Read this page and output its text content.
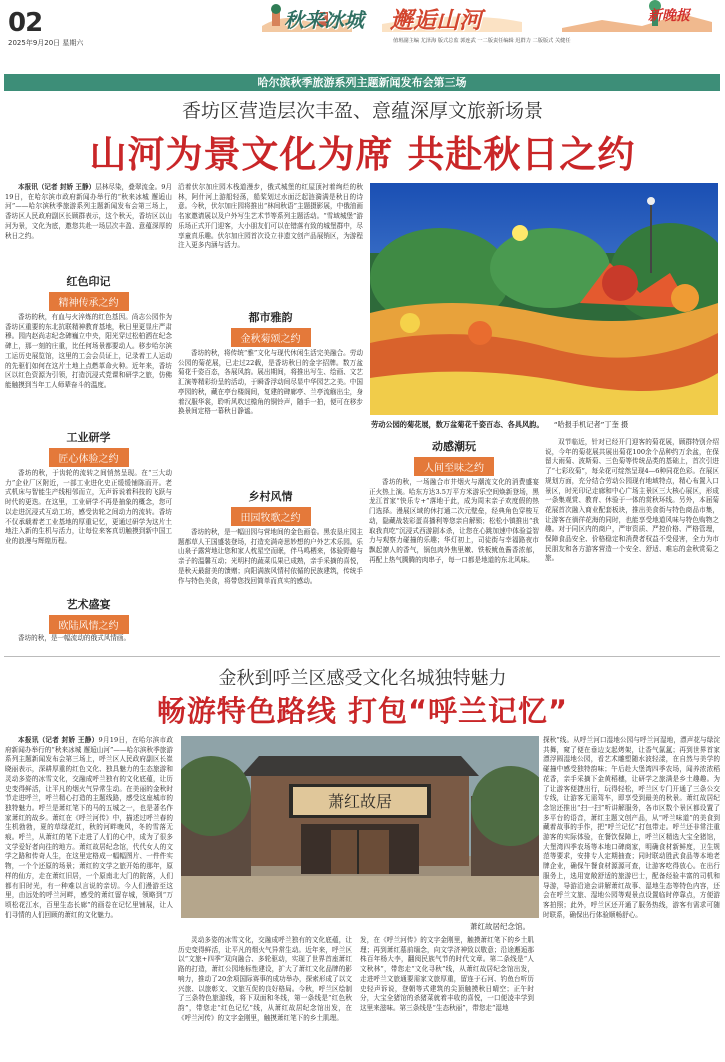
02
2025年9月20日 星期六
秋来冰城 邂逅山河	新晚报
值班副主编 尤泽海 版式总监 郭连武 一二版责任编辑 迟群力 二版版式 关健任
哈尔滨秋季旅游系列主题新闻发布会第三场
香坊区营造层次丰盈、意蕴深厚文旅新场景
山河为景文化为席 共赴秋日之约

本报讯（记者 封娇 王静）层林尽染，叠翠流金。9月19日，在哈尔滨市政府新闻办举行的“秋来冰城 邂逅山河”——哈尔滨秋季旅游系列主题新闻发布会第三场上，香坊区人民政府副区长顾群表示，这个秋天，香坊区以山河为景，文化为底，邀您共赴一场层次丰盈、意蕴深厚的秋日之约。

红色印记
精神传承之约
香坊的秋，有血与火淬炼的红色基因。尚志公园作为香坊区重要的东北抗联精神教育基地，秋日里更显庄严肃穆。园内赵尚志纪念碑巍立中央，阳光穿过松柏洒在纪念碑上，那一刻的庄重，比任何场景都要动人。移步哈尔滨工运历史展览馆，这里的工会会员证上，记录着工人运动的先驱们如何在这片土地上点燃革命火种。近年来，香坊区以红色资源为引领，打造沉浸式党课和研学之旅，仿佛能触摸到当年工人师辈奋斗的温度。
工业研学
匠心体验之约
香坊的秋，于齿轮的流转之间悄然呈现。在“三大动力”企业厂区附近，一部工业进化史正缓缓铺陈而开。老式机床与智能生产线相邻而立，无声诉说着科技的飞跃与时代的更迭。在这里，工业研学不再是抽象的概念，您可以走进沉浸式互动工坊，感受齿轮之间动力的流转。香坊不仅承载着老工业基地的厚重记忆，更通过研学为这片土地注入新的生机与活力，让每位来客真切触摸到新中国工业的浪漫与辉煌历程。
艺术盛宴
欧陆风情之约
香坊的秋，是一幅流动的俄式风情画。
沿着伏尔加庄园木栈道漫步，俄式城堡的红屋顶衬着绚烂的秋林，阿什河上游船轻荡，船桨划过水面泛起涟漪满是秋日的诗意。今秋，伏尔加庄园将推出“林间秋语”主题摄影展，中俄油画名家邀请展以及户外写生艺术节等系列主题活动。“雪域城堡”游乐场正式开门迎客，大小朋友们可以在错落有致的城堡群中，尽享童真乐趣。伏尔加庄园首次设立非遗文创产品展销区，为游程注入更多内涵与活力。
都市雅韵
金秋菊颂之约
香坊的秋，将传统“雅”文化与现代休闲生活完美融合。劳动公园的菊花展，已走过22载，是香坊秋日的金字招牌。数万盆菊花千姿百态，各展风韵。展出期间，将推出写生、绘画、文艺汇演等精彩纷呈的活动，于瞬香浮动间尽显中华园艺之美。中国亭园的秋，藏在亭台楼阁间，复建的碑廊亭、兰亭流觞出尘，身着汉服华裳，聆听风吹过檐角的铜铃声，随手一拍，便可在移步换景间定格一幕秋日静谧。
乡村风情
田园牧歌之约
香坊的秋，是一幅田园与营地间的金色画卷。黑农垦庄园主题都草人王国盛装登场，打造充满奇思妙想的户外艺术乐园。乐山泉子露营地让您和家人枕星空而眠，伴马鸣栖来，体验野趣与亲子的温馨互动；光明村的蔬菜瓜果已成熟，亲手采摘的喜悦，是秋天最甜美的馈赠；向阳满族风情村依循的民族建筑，传统手作与特色美食，将带您找回简单而真实的感动。
劳动公园的菊花展，数万盆菊花千姿百态、各具风韵。 “哈报手机记者”丁奎 摄
动感潮玩
人间至味之约
香坊的秋，一场融合市井烟火与潮流文化的消费盛宴正火热上演。哈东方达3.5万平方米游乐空间焕新登场，黑龙江首家“快乐专+”落地于此，成为周末亲子欢度假的热门选择。漫展区域的休打通二次元壁垒，经典角色穿梭互动，隐藏战装彩蛋喜播利等您亲自解锁；松松小镇推出“我取我真吃”沉浸式西游剧本杀，让您在心跳加速中体验益智力与观察力碰撞的乐趣；华灯初上，司徒街与幸福路夜市飘起撩人的香气，锅包肉外焦里嫩、铁板鱿鱼酱香浓郁，再配上热气腾腾的肉串子，每一口都是地道的东北风味。
双节临近，针对已经开门迎客的菊花展，顾群特别介绍说，今年的菊花展共展出菊花100余个品种约万余盆，在保留大雨菊、波斯菊、三色菊等传统品类的基础上，首次引进了“七彩玫菊”，每朵花可绽然呈现4—6种同花色彩。在展区规划方面，充分结合劳动公园现有地域特点，精心布置入口景区，时光印记走廊和中心广场主景区三大核心展区，形成一条集观赏、教育、休验于一体的赏秋环线。另外，本届菊花展首次融入商业配套板块，推出美食街与特色商品市集，让游客在徜徉花海的同时，也能享受地道风味与特色购物之趣。对于同区内的商户，严审资质、严控价格、严格管理，保障食品安全、价格稳定和消费者权益不受侵害，全力为市民朋友和各方游客营造一个安全、舒适、难忘的金秋赏菊之旅。
金秋到呼兰区感受文化名城独特魅力
畅游特色路线 打包“呼兰记忆”

本报讯（记者 封娇 王静）9月19日，在哈尔滨市政府新闻办举行的“秋来冰城 邂逅山河”——哈尔滨秋季旅游系列主题新闻发布会第三场上，呼兰区人民政府副区长崔晓丽表示，深耕厚重的红色文化、独具魅力的生态旅游和灵动多姿的冰雪文化，交融成呼兰独有的文化底蕴，让历史变得鲜活，让平凡的烟火气异常生动。在美丽的金秋时节走进呼兰，呼兰精心打造的主题线路，感受这座城市的独特魅力。呼兰是萧红笔下的马的五城之一，也是著名作家萧红的故乡。萧红在《呼兰河传》中，描述过呼兰春的生机勃勃，夏的草绿花红，秋的河畔晚风，冬的雪落无痕。呼兰，从萧红的笔下走进了人们的心中，成为了很多文学爱好者向往的地方。萧红故居纪念馆，代代女人的文学之路和传奇人生，在这里定格成一幅幅图片、一件件实物，一个个还原的场景；萧红的文学之旅开始的那年，原样的仙方，走在萧红旧居，一个原南北大门的院落，人们都有旧时光，有一种难以言说的亲切。今人们漫游至这里，由远处的呼兰河畔，感受的萧红留存城，领略到“万顷松花江水，百里生态长廊”的画卷在记忆里铺展，让人们寻情的人们回顾的萧红的文化魅力。

萧红故居
萧红故居纪念馆。
灵动多姿的冰雪文化，交融成呼兰独有的文化底蕴，让历史变得鲜活，让平凡的烟火气异常生动。近年来，呼兰区以“文旅+四季”双向融合、多轮驱动，实现了世界首座萧红路的打造，萧红公园地标性建设，扩大了萧红文化品牌的影响力，推动了20余项国际赛事的成功举办，探索形成了以文兴旅、以旅彰文、文旅互促的良好格局。今秋，呼兰区绘制了三条特色旅游线，将下双面和冬线，第一条线是“红色秋韵”，带您走“红色记忆”线，从萧红故居纪念馆出发，在《呼兰河传》的文字金刚里，触摸萧红笔下的乡土肌理。
发，在《呼兰河传》的文字金刚里，触摸萧红笔下的乡土肌理；再到萧红墓前缅念，向文学济神致以敬意；沿途邂逅那株百年杨大李，翻阅民族气节的时代文章。第二条线是“人文秋林”，带您走“文化寻秋”线，从萧红故居纪念馆出发，走进呼兰文旅通要需家文旅厚重，留连于石河、钓鱼台听历史轻声诉说，登朝等式建筑的尖顶触摸秋日晴空；正午时分，大宝全猪馆的杀猪菜就着丰收的喜悦，一口便凌丰学到这里来滋味。第三条线是“生态秋丽”，带您走“湿地
探秋”线。从呼兰河口湿地公园与呼兰河湿地，漂声花与绿淀共舞，窥了便在垂边支起烤架，让香气氤氲；再到世界首家漂浮圆湿地公园，看艺术雕塑随水波轻漾，在自然与美学的碰撞中感受独特韵味；午后赴大堡湾四季农场，闻养浓浓稻花香，亲手采摘下金黄稻穗，让研学之旅满是乡土趣趣。为了让游客便捷出行，玩得轻松，呼兰区专门开通了三条公交专线，让游客无需驾车，即享受到最美的秋景。萧红故居纪念馆还推出“扫一扫”听讲解服务，各市区数个景区都设置了多平台的语音，萧红主题文创产品，从“呼兰味道”的美食到藏着故事的手作，把“呼兰记忆”打包带走。呼兰还非常注重游客的实际体验，在餐饮保障上，呼兰区精选大宝全猪馆，大堡湾四季农场等本地口碑商家，明确食材新鲜度，卫生规范等要求，安排专人定期抽查；同时联动胜武食品等本地老牌企业，确保午餐食材源源可查，让游客吃得放心。在出行服务上，选用宽敞舒适的旅游巴士，配备经验丰富的司机和导游，导游沿途会讲解萧红故事、湿地生态等特色内容，还会在呼兰文旅、湿地公园等观景点设置临时停靠点，方便游客拍照；此外，呼兰区还开通了服务热线，游客有需求可随时联系，确保出行体验顺畅舒心。
